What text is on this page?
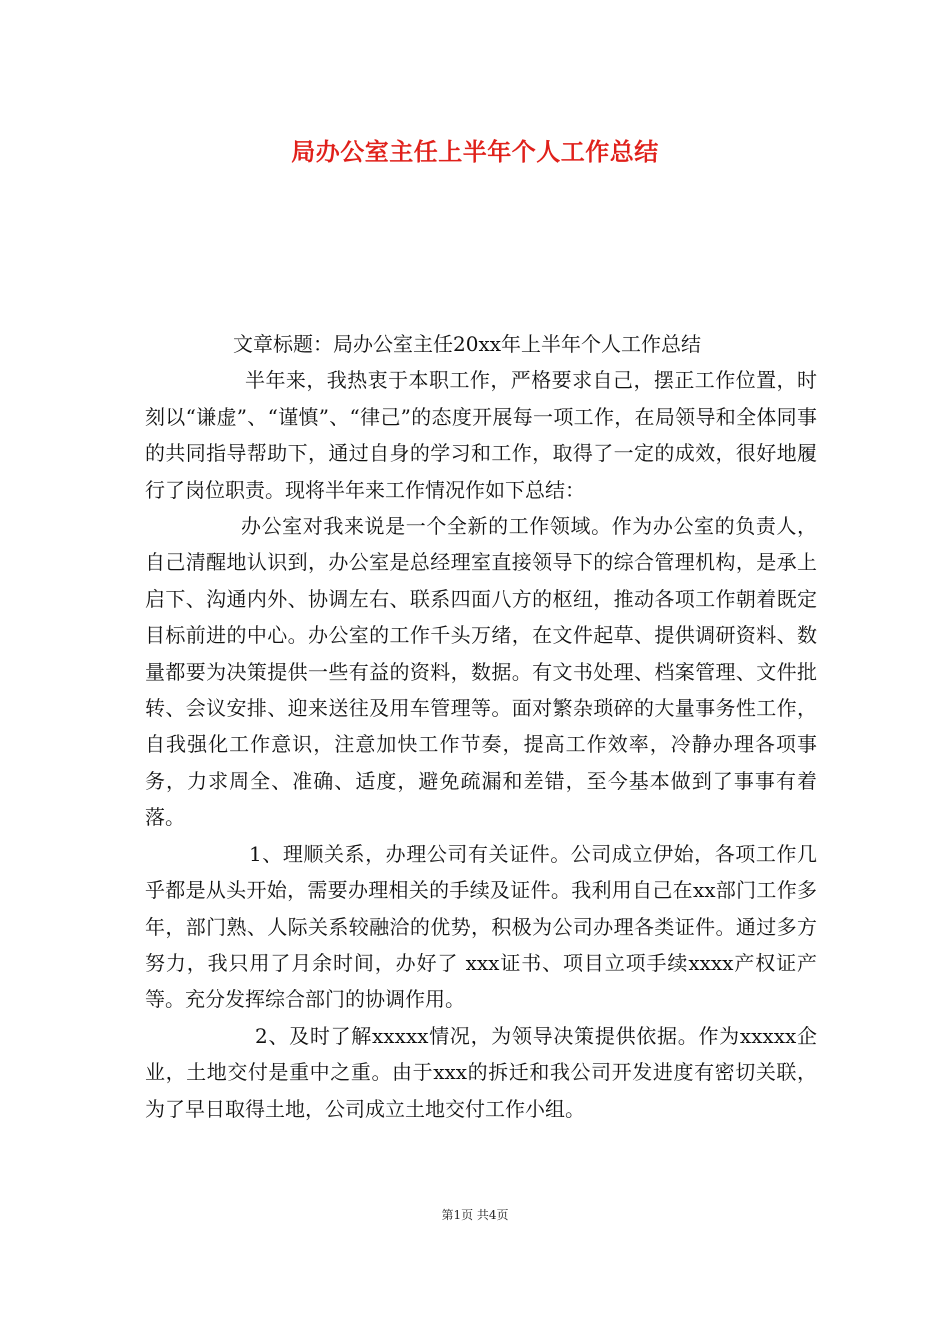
局办公室主任上半年个人工作总结

文章标题：局办公室主任20xx年上半年个人工作总结

半年来，我热衷于本职工作，严格要求自己，摆正工作位置，时刻以“谦虚”、“谨慎”、“律己”的态度开展每一项工作，在局领导和全体同事的共同指导帮助下，通过自身的学习和工作，取得了一定的成效，很好地履行了岗位职责。现将半年来工作情况作如下总结：

办公室对我来说是一个全新的工作领域。作为办公室的负责人，自己清醒地认识到，办公室是总经理室直接领导下的综合管理机构，是承上启下、沟通内外、协调左右、联系四面八方的枢纽，推动各项工作朝着既定目标前进的中心。办公室的工作千头万绪，在文件起草、提供调研资料、数量都要为决策提供一些有益的资料，数据。有文书处理、档案管理、文件批转、会议安排、迎来送往及用车管理等。面对繁杂琐碎的大量事务性工作，自我强化工作意识，注意加快工作节奏，提高工作效率，冷静办理各项事务，力求周全、准确、适度，避免疏漏和差错，至今基本做到了事事有着落。

1、理顺关系，办理公司有关证件。公司成立伊始，各项工作几乎都是从头开始，需要办理相关的手续及证件。我利用自己在xx部门工作多年，部门熟、人际关系较融洽的优势，积极为公司办理各类证件。通过多方努力，我只用了月余时间，办好了 xxx证书、项目立项手续xxxx产权证产等。充分发挥综合部门的协调作用。

2、及时了解xxxxx情况，为领导决策提供依据。作为xxxxx企业，土地交付是重中之重。由于xxx的拆迁和我公司开发进度有密切关联，为了早日取得土地，公司成立土地交付工作小组。

第1页 共4页
